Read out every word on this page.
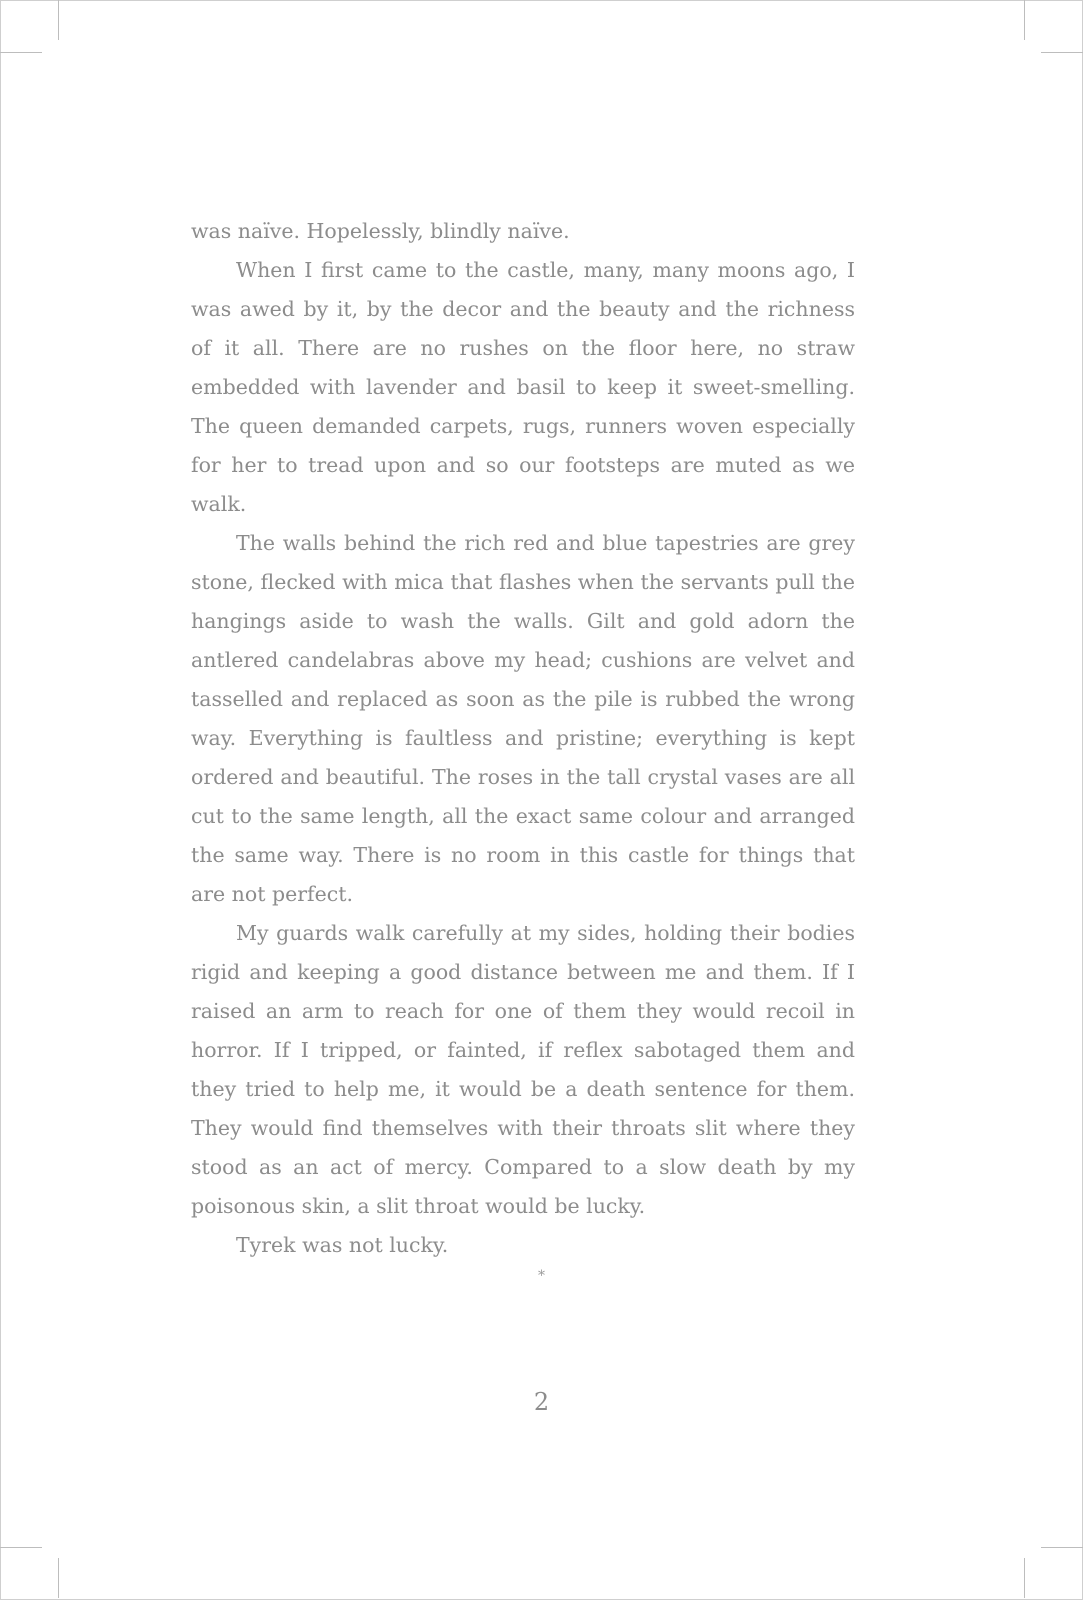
was naïve. Hopelessly, blindly naïve.

When I first came to the castle, many, many moons ago, I was awed by it, by the decor and the beauty and the richness of it all. There are no rushes on the floor here, no straw embedded with lavender and basil to keep it sweet-smelling. The queen demanded carpets, rugs, runners woven especially for her to tread upon and so our footsteps are muted as we walk.

The walls behind the rich red and blue tapestries are grey stone, flecked with mica that flashes when the servants pull the hangings aside to wash the walls. Gilt and gold adorn the antlered candelabras above my head; cushions are velvet and tasselled and replaced as soon as the pile is rubbed the wrong way. Everything is faultless and pristine; everything is kept ordered and beautiful. The roses in the tall crystal vases are all cut to the same length, all the exact same colour and arranged the same way. There is no room in this castle for things that are not perfect.

My guards walk carefully at my sides, holding their bodies rigid and keeping a good distance between me and them. If I raised an arm to reach for one of them they would recoil in horror. If I tripped, or fainted, if reflex sabotaged them and they tried to help me, it would be a death sentence for them. They would find themselves with their throats slit where they stood as an act of mercy. Compared to a slow death by my poisonous skin, a slit throat would be lucky.

Tyrek was not lucky.

*
2
